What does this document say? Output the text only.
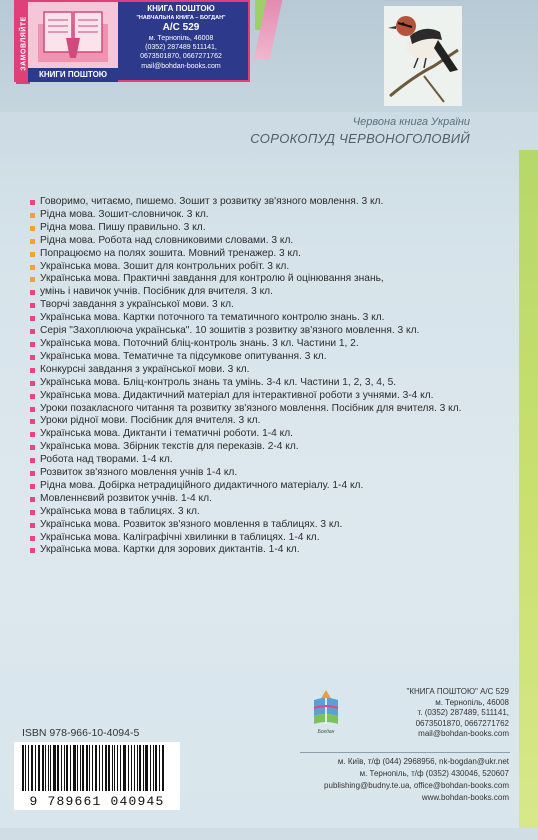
ЗАМОВЛЯЙТЕ
КНИГИ ПОШТОЮ
КНИГА ПОШТОЮ
"НАВЧАЛЬНА КНИГА – БОГДАН"
А/С 529
м. Тернопіль, 46008
(0352) 287489 511141,
0673501870, 0667271762
mail@bohdan-books.com
Червона книга України
СОРОКОПУД ЧЕРВОНОГОЛОВИЙ
Говоримо, читаємо, пишемо. Зошит з розвитку зв'язного мовлення. 3 кл.
Рідна мова. Зошит-словничок. 3 кл.
Рідна мова. Пишу правильно. 3 кл.
Рідна мова. Робота над словниковими словами. 3 кл.
Попрацюємо на полях зошита. Мовний тренажер. 3 кл.
Українська мова. Зошит для контрольних робіт. 3 кл.
Українська мова. Практичні завдання для контролю й оцінювання знань,
умінь і навичок учнів. Посібник для вчителя. 3 кл.
Творчі завдання з української мови. 3 кл.
Українська мова. Картки поточного та тематичного контролю знань. 3 кл.
Серія "Захоплююча українська". 10 зошитів з розвитку зв'язного мовлення. 3 кл.
Українська мова. Поточний бліц-контроль знань. 3 кл. Частини 1, 2.
Українська мова. Тематичне та підсумкове опитування. 3 кл.
Конкурсні завдання з української мови. 3 кл.
Українська мова. Бліц-контроль знань та умінь. 3-4 кл. Частини 1, 2, 3, 4, 5.
Українська мова. Дидактичний матеріал для інтерактивної роботи з учнями. 3-4 кл.
Уроки позакласного читання та розвитку зв'язного мовлення. Посібник для вчителя. 3 кл.
Уроки рідної мови. Посібник для вчителя. 3 кл.
Українська мова. Диктанти і тематичні роботи. 1-4 кл.
Українська мова. Збірник текстів для переказів. 2-4 кл.
Робота над творами. 1-4 кл.
Розвиток зв'язного мовлення учнів 1-4 кл.
Рідна мова. Добірка нетрадиційного дидактичного матеріалу. 1-4 кл.
Мовленнєвий розвиток учнів. 1-4 кл.
Українська мова в таблицях. 3 кл.
Українська мова. Розвиток зв'язного мовлення в таблицях. 3 кл.
Українська мова. Каліграфічні хвилинки в таблицях. 1-4 кл.
Українська мова. Картки для зорових диктантів. 1-4 кл.
ISBN 978-966-10-4094-5
9 789661 040945
Богдан
"КНИГА ПОШТОЮ" А/С 529
м. Тернопіль, 46008
т. (0352) 287489, 511141,
0673501870, 0667271762
mail@bohdan-books.com
м. Київ, т/ф (044) 2968956, nk-bogdan@ukr.net
м. Тернопіль, т/ф (0352) 430046, 520607
publishing@budny.te.ua, office@bohdan-books.com
www.bohdan-books.com
